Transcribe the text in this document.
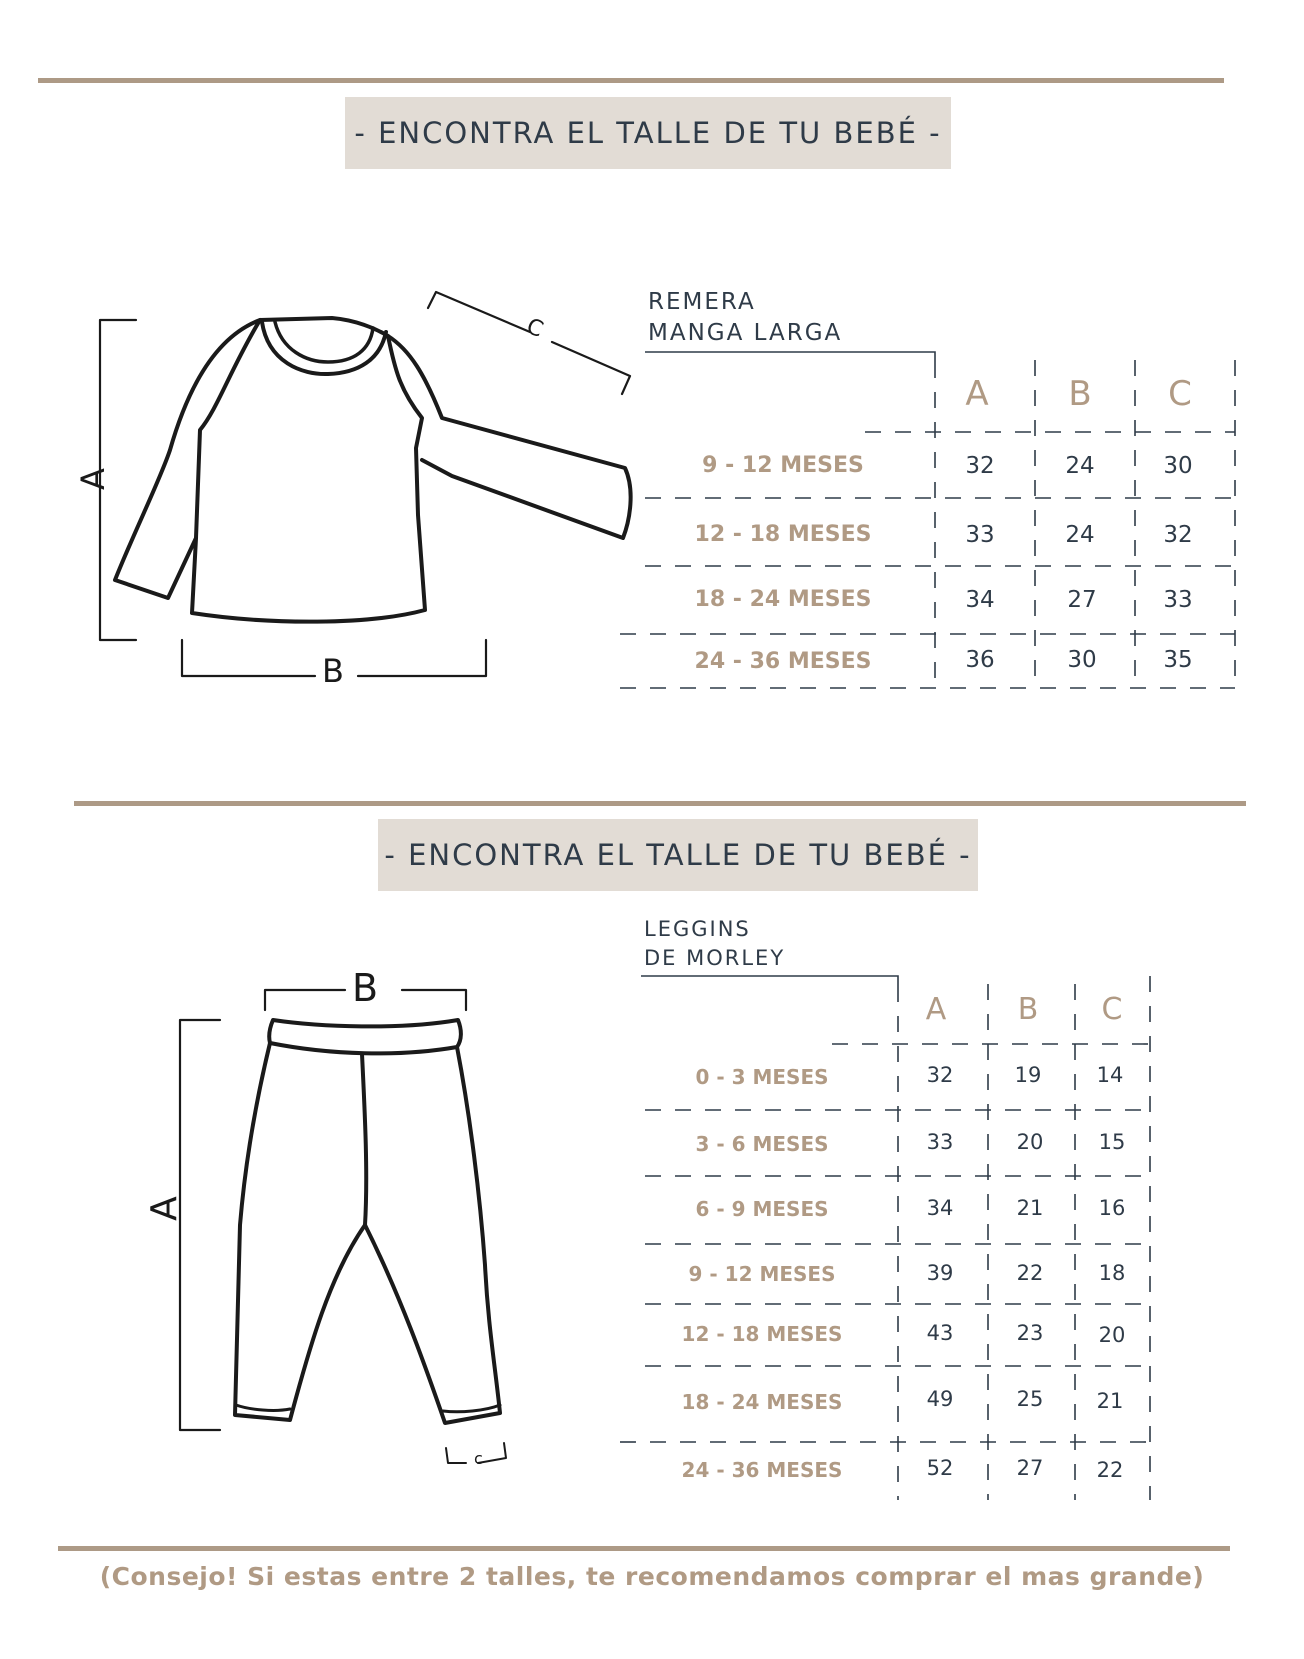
- ENCONTRA EL TALLE DE TU BEBÉ -
A
B
C
REMERA
MANGA LARGA
A B C
9 - 12 MESES	32	24	30
12 - 18 MESES	33	24	32
18 - 24 MESES	34	27	33
24 - 36 MESES	36	30	35
- ENCONTRA EL TALLE DE TU BEBÉ -
B
A
c
LEGGINS
DE MORLEY
A B C
0 - 3 MESES	32	19	14
3 - 6 MESES	33	20	15
6 - 9 MESES	34	21	16
9 - 12 MESES	39	22	18
12 - 18 MESES	43	23	20
18 - 24 MESES	49	25	21
24 - 36 MESES	52	27	22
(Consejo! Si estas entre 2 talles, te recomendamos comprar el mas grande)
